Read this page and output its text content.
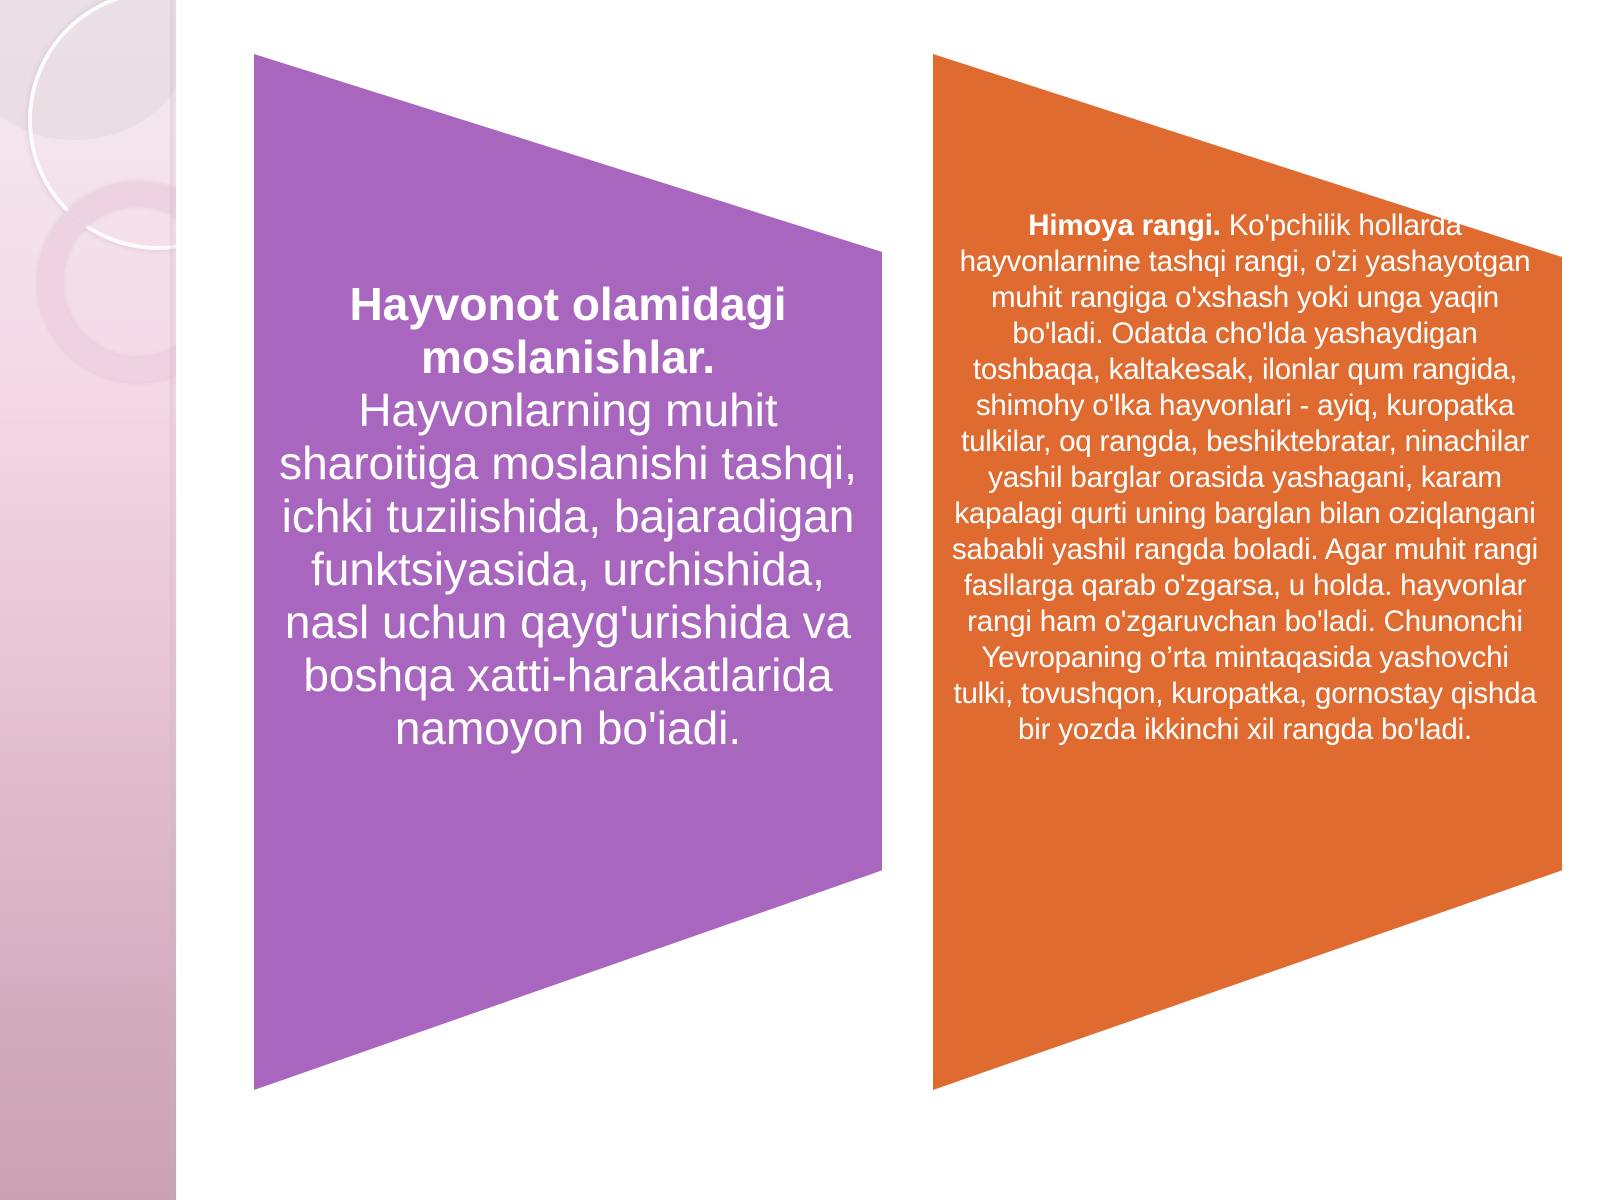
Hayvonot olamidagi moslanishlar. Hayvonlarning muhit sharoitiga moslanishi tashqi, ichki tuzilishida, bajaradigan funktsiyasida, urchishida, nasl uchun qayg'urishida va boshqa xatti-harakatlarida namoyon bo'iadi.
Himoya rangi. Ko'pchilik hollarda hayvonlarnine tashqi rangi, o'zi yashayotgan muhit rangiga o'xshash yoki unga yaqin bo'ladi. Odatda cho'lda yashaydigan toshbaqa, kaltakesak, ilonlar qum rangida, shimohy o'lka hayvonlari - ayiq, kuropatka tulkilar, oq rangda, beshiktebratar, ninachilar yashil barglar orasida yashagani, karam kapalagi qurti uning barglan bilan oziqlangani sababli yashil rangda boladi. Agar muhit rangi fasllarga qarab o'zgarsa, u holda. hayvonlar rangi ham o'zgaruvchan bo'ladi. Chunonchi Yevropaning o’rta mintaqasida yashovchi tulki, tovushqon, kuropatka, gornostay qishda bir yozda ikkinchi xil rangda bo'ladi.
